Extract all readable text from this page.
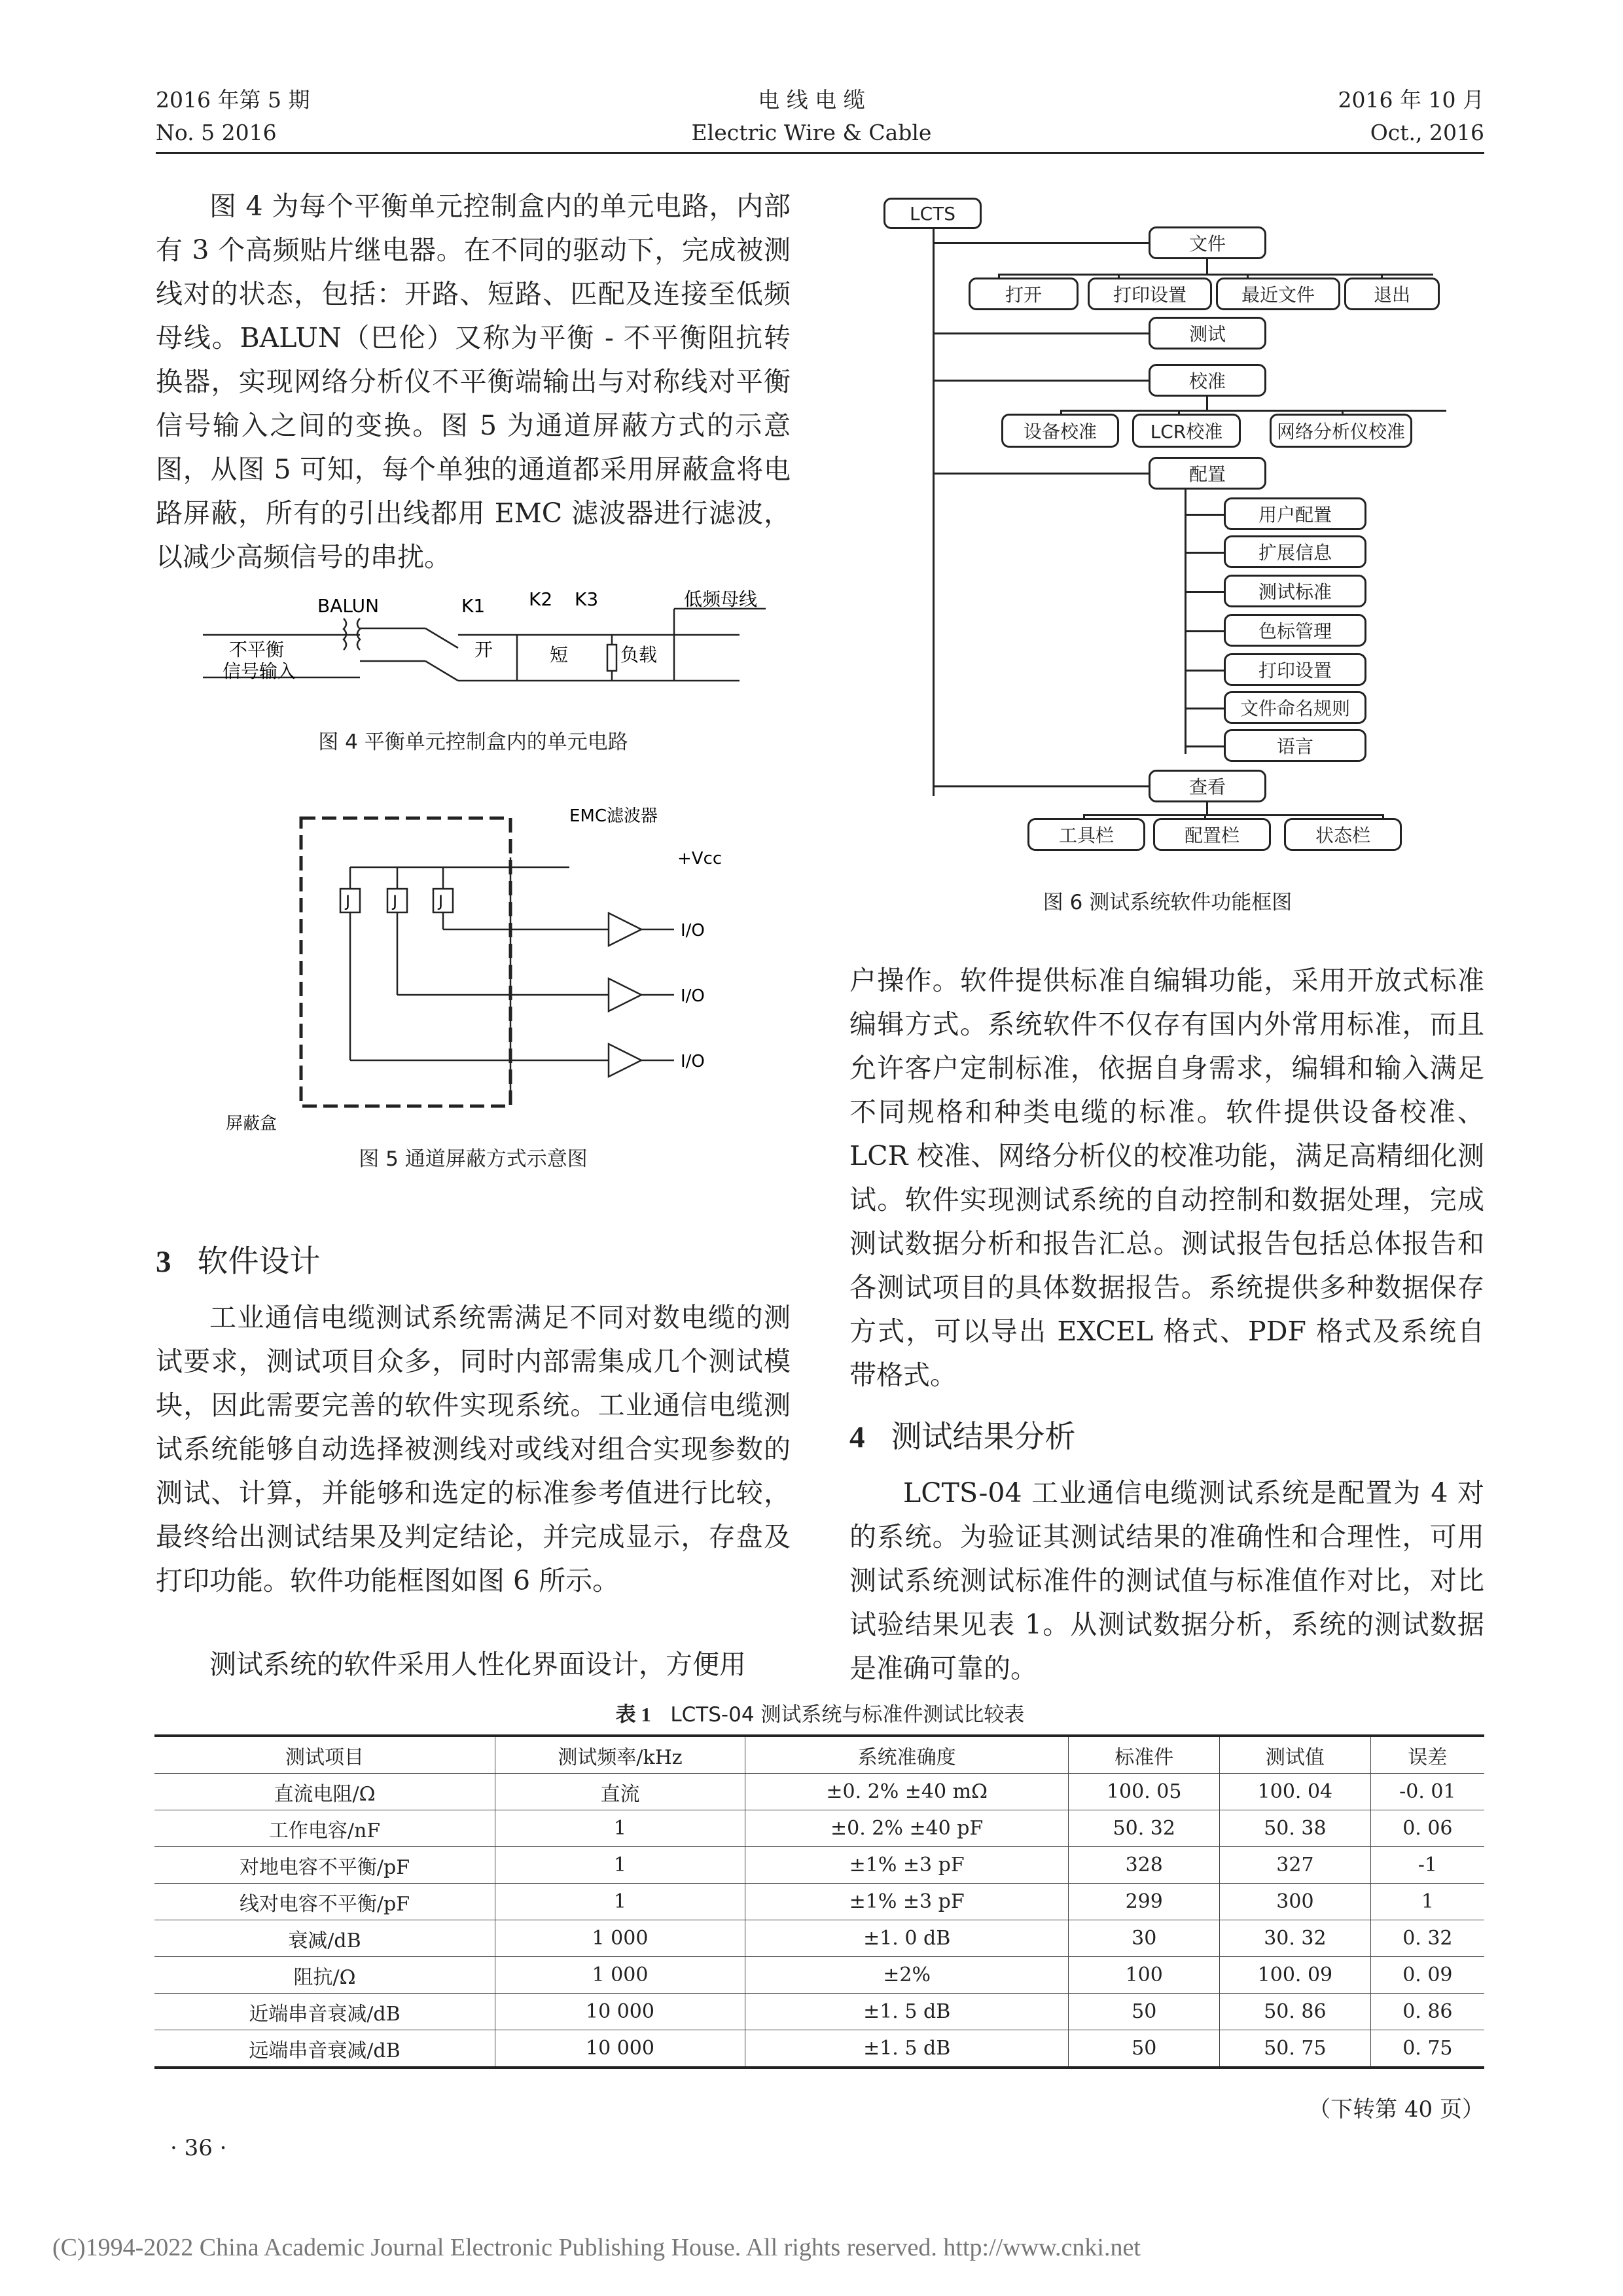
2016 年第 5 期
No. 5 2016
电 线 电 缆
Electric Wire & Cable
2016 年 10 月
Oct., 2016

图 4 为每个平衡单元控制盒内的单元电路，内部有 3 个高频贴片继电器。在不同的驱动下，完成被测线对的状态，包括：开路、短路、匹配及连接至低频母线。BALUN（巴伦）又称为平衡 - 不平衡阻抗转换器，实现网络分析仪不平衡端输出与对称线对平衡信号输入之间的变换。图 5 为通道屏蔽方式的示意图，从图 5 可知，每个单独的通道都采用屏蔽盒将电路屏蔽，所有的引出线都用 EMC 滤波器进行滤波，以减少高频信号的串扰。

BALUN
不平衡
信号输入
K1 K2 K3
开	短	负载
低频母线
图 4 平衡单元控制盒内的单元电路
EMC滤波器
+Vcc
J	J	J
I/O
I/O
I/O
屏蔽盒
图 5 通道屏蔽方式示意图
3 软件设计

工业通信电缆测试系统需满足不同对数电缆的测试要求，测试项目众多，同时内部需集成几个测试模块，因此需要完善的软件实现系统。工业通信电缆测试系统能够自动选择被测线对或线对组合实现参数的测试、计算，并能够和选定的标准参考值进行比较，最终给出测试结果及判定结论，并完成显示，存盘及打印功能。软件功能框图如图 6 所示。

测试系统的软件采用人性化界面设计，方便用

LCTS
文件
打开	打印设置	最近文件	退出
测试
校准
设备校准	LCR校准	网络分析仪校准
配置
用户配置
扩展信息
测试标准
色标管理
打印设置
文件命名规则
语言
查看
工具栏	配置栏	状态栏
图 6 测试系统软件功能框图

户操作。软件提供标准自编辑功能，采用开放式标准编辑方式。系统软件不仅存有国内外常用标准，而且允许客户定制标准，依据自身需求，编辑和输入满足不同规格和种类电缆的标准。软件提供设备校准、LCR 校准、网络分析仪的校准功能，满足高精细化测试。软件实现测试系统的自动控制和数据处理，完成测试数据分析和报告汇总。测试报告包括总体报告和各测试项目的具体数据报告。系统提供多种数据保存方式，可以导出 EXCEL 格式、PDF 格式及系统自带格式。

4 测试结果分析

LCTS-04 工业通信电缆测试系统是配置为 4 对的系统。为验证其测试结果的准确性和合理性，可用测试系统测试标准件的测试值与标准值作对比，对比试验结果见表 1。从测试数据分析，系统的测试数据是准确可靠的。

表 1 LCTS-04 测试系统与标准件测试比较表
测试项目	测试频率/kHz	系统准确度	标准件	测试值	误差
直流电阻/Ω	直流	±0. 2% ±40 mΩ	100. 05	100. 04	-0. 01
工作电容/nF	1	±0. 2% ±40 pF	50. 32	50. 38	0. 06
对地电容不平衡/pF	1	±1% ±3 pF	328	327	-1
线对电容不平衡/pF	1	±1% ±3 pF	299	300	1
衰减/dB	1 000	±1. 0 dB	30	30. 32	0. 32
阻抗/Ω	1 000	±2%	100	100. 09	0. 09
近端串音衰减/dB	10 000	±1. 5 dB	50	50. 86	0. 86
远端串音衰减/dB	10 000	±1. 5 dB	50	50. 75	0. 75
（下转第 40 页）
· 36 ·
(C)1994-2022 China Academic Journal Electronic Publishing House. All rights reserved. http://www.cnki.net
